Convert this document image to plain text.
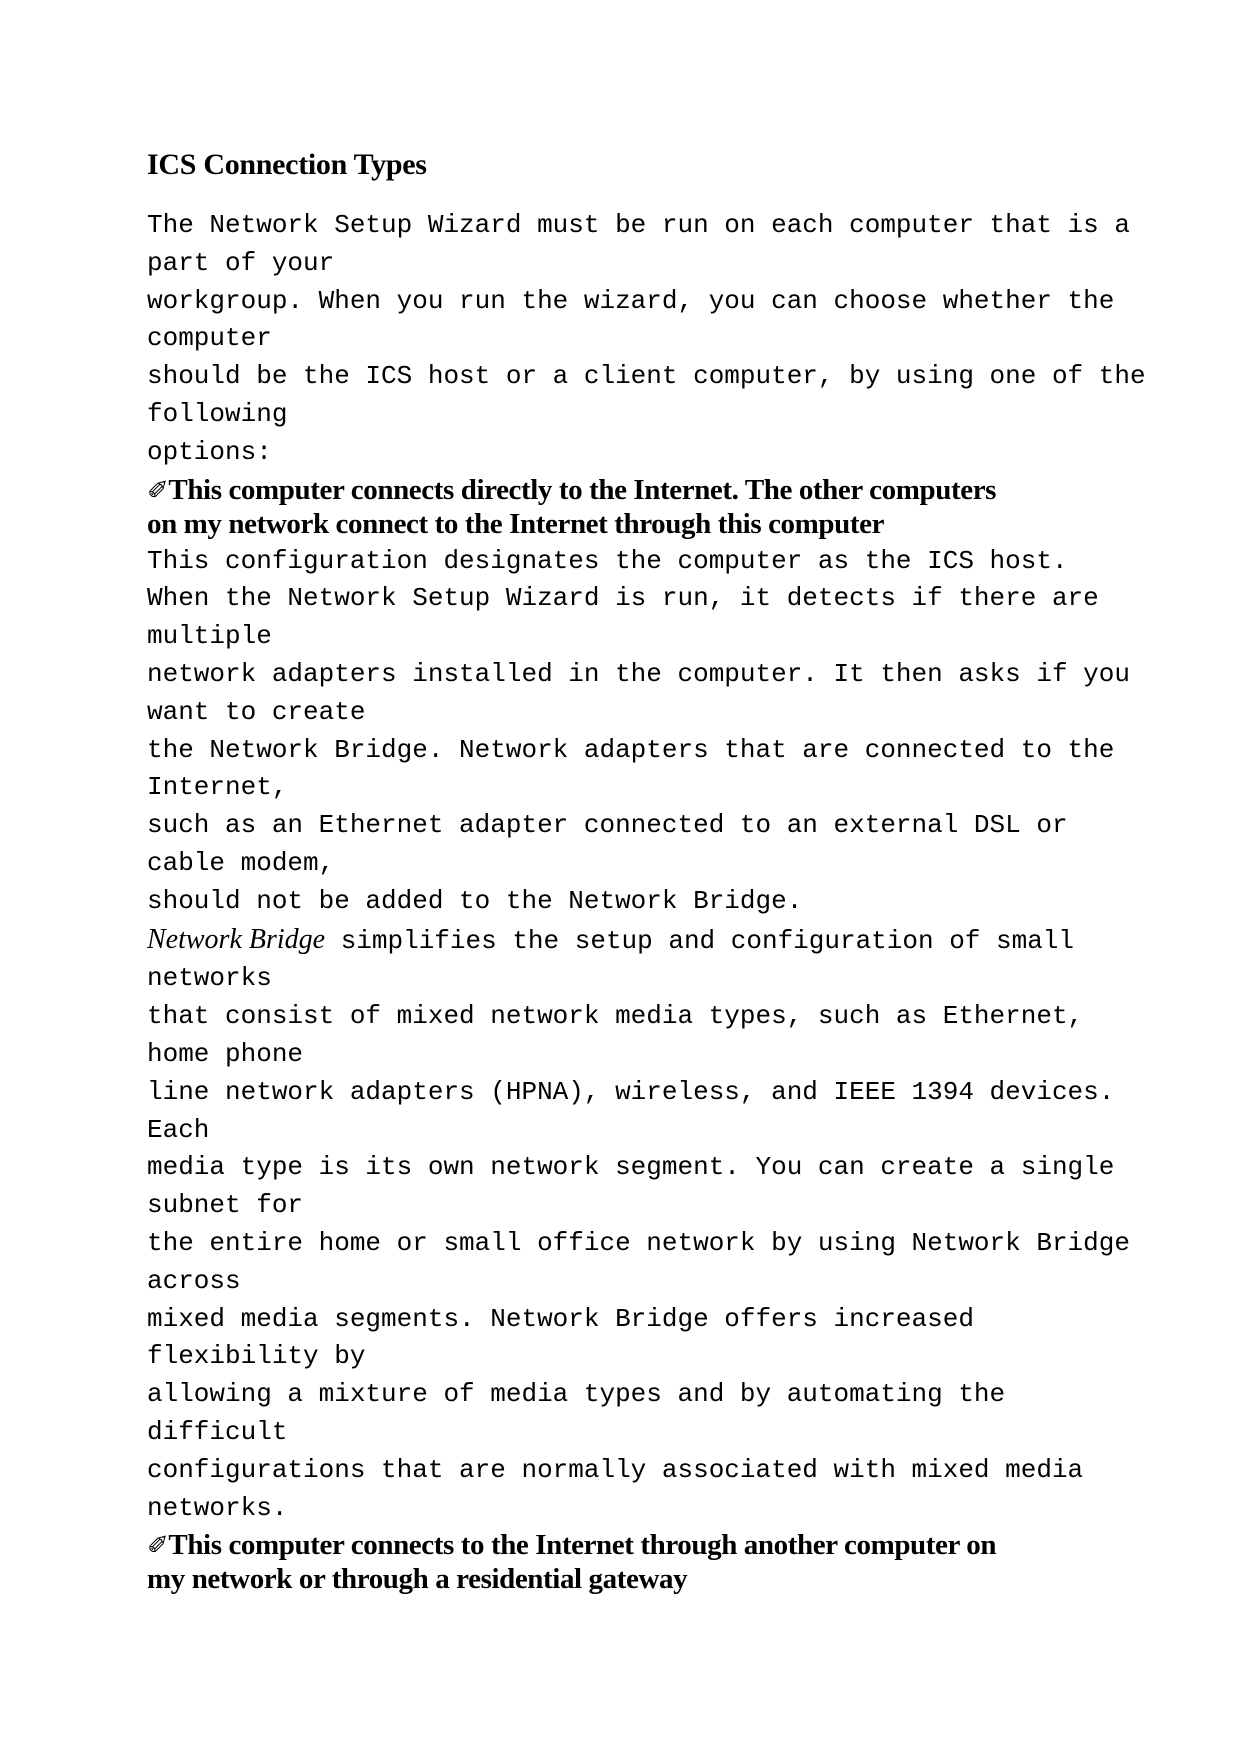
ICS Connection Types
The Network Setup Wizard must be run on each computer that is a
part of your
workgroup. When you run the wizard, you can choose whether the
computer
should be the ICS host or a client computer, by using one of the
following
options:
✐This computer connects directly to the Internet. The other computers
on my network connect to the Internet through this computer
This configuration designates the computer as the ICS host.
When the Network Setup Wizard is run, it detects if there are
multiple
network adapters installed in the computer. It then asks if you
want to create
the Network Bridge. Network adapters that are connected to the
Internet,
such as an Ethernet adapter connected to an external DSL or
cable modem,
should not be added to the Network Bridge.
Network Bridge simplifies the setup and configuration of small
networks
that consist of mixed network media types, such as Ethernet,
home phone
line network adapters (HPNA), wireless, and IEEE 1394 devices.
Each
media type is its own network segment. You can create a single
subnet for
the entire home or small office network by using Network Bridge
across
mixed media segments. Network Bridge offers increased
flexibility by
allowing a mixture of media types and by automating the
difficult
configurations that are normally associated with mixed media
networks.
✐This computer connects to the Internet through another computer on
my network or through a residential gateway
